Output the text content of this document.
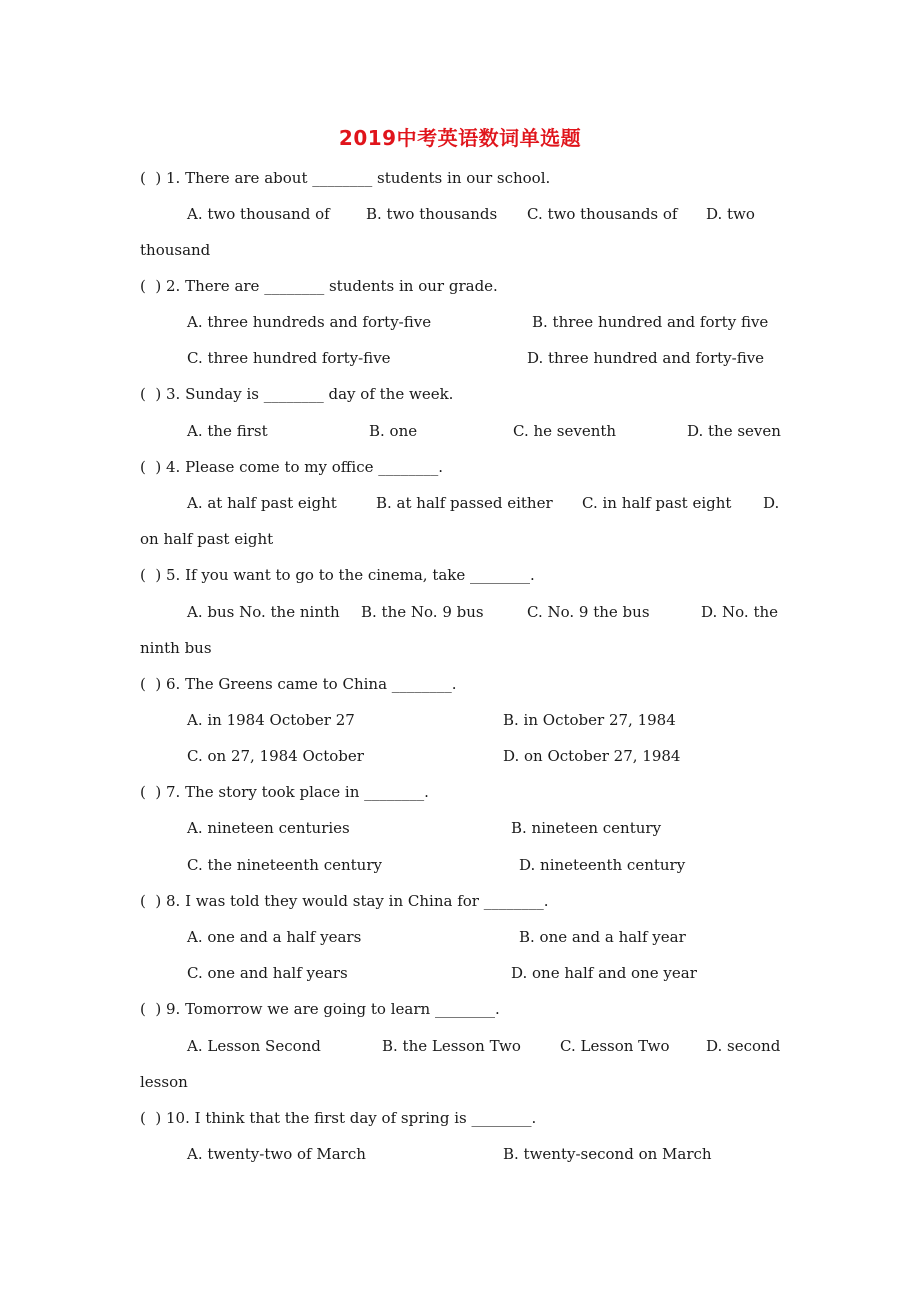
2019中考英语数词单选题
(  ) 1. There are about ________ students in our school.
A. two thousand of B. two thousands C. two thousands of D. two
thousand
(  ) 2. There are ________ students in our grade.
A. three hundreds and forty-five	B. three hundred and forty five
C. three hundred forty-five	D. three hundred and forty-five
(  ) 3. Sunday is ________ day of the week.
A. the first	B. one	C. he seventh	D. the seven
(  ) 4. Please come to my office ________.
A. at half past eight	B. at half passed either C. in half past eight D.
on half past eight
(  ) 5. If you want to go to the cinema, take ________.
A. bus No. the ninth B. the No. 9 bus	C. No. 9 the bus	D. No. the
ninth bus
(  ) 6. The Greens came to China ________.
A. in 1984 October 27	B. in October 27, 1984
C. on 27, 1984 October	D. on October 27, 1984
(  ) 7. The story took place in ________.
A. nineteen centuries	B. nineteen century
C. the nineteenth century	D. nineteenth century
(  ) 8. I was told they would stay in China for ________.
A. one and a half years	B. one and a half year
C. one and half years	D. one half and one year
(  ) 9. Tomorrow we are going to learn ________.
A. Lesson Second	B. the Lesson Two	C. Lesson Two D. second
lesson
(  ) 10. I think that the first day of spring is ________.
A. twenty-two of March	B. twenty-second on March
